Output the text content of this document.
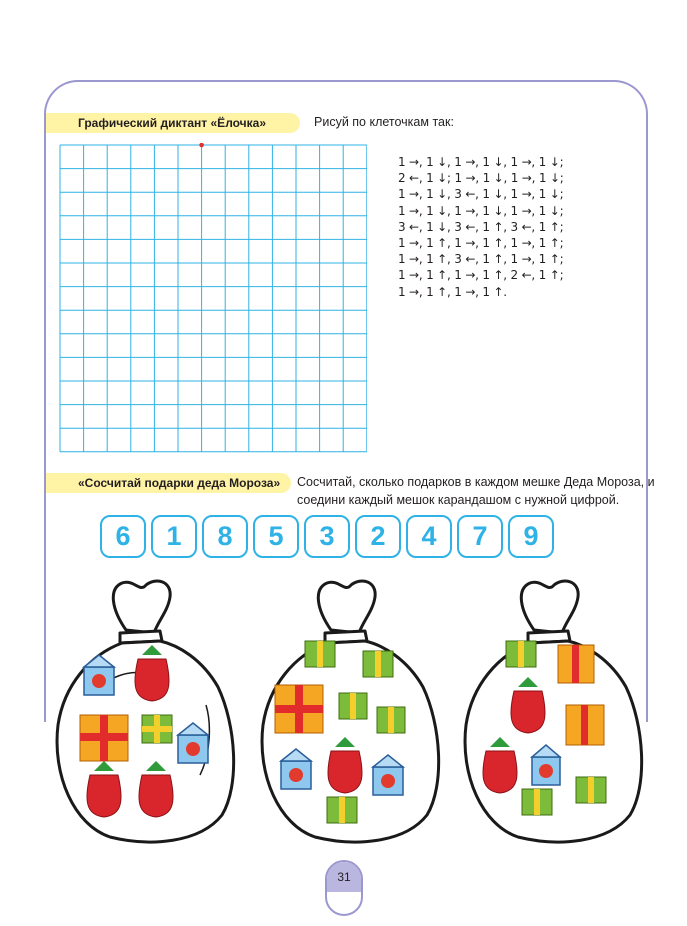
Графический диктант «Ёлочка»	Рисуй по клеточкам так:
1 →, 1 ↓, 1 →, 1 ↓, 1 →, 1 ↓;
2 ←, 1 ↓; 1 →, 1 ↓, 1 →, 1 ↓;
1 →, 1 ↓, 3 ←, 1 ↓, 1 →, 1 ↓;
1 →, 1 ↓, 1 →, 1 ↓, 1 →, 1 ↓;
3 ←, 1 ↓, 3 ←, 1 ↑, 3 ←, 1 ↑;
1 →, 1 ↑, 1 →, 1 ↑, 1 →, 1 ↑;
1 →, 1 ↑, 3 ←, 1 ↑, 1 →, 1 ↑;
1 →, 1 ↑, 1 →, 1 ↑, 2 ←, 1 ↑;
1 →, 1 ↑, 1 →, 1 ↑.
«Сосчитай подарки деда Мороза»	Сосчитай, сколько подарков в каждом мешке Деда Мороза, и соедини каждый мешок карандашом с нужной цифрой.
6	1	8	5	3	2	4	7	9
31
